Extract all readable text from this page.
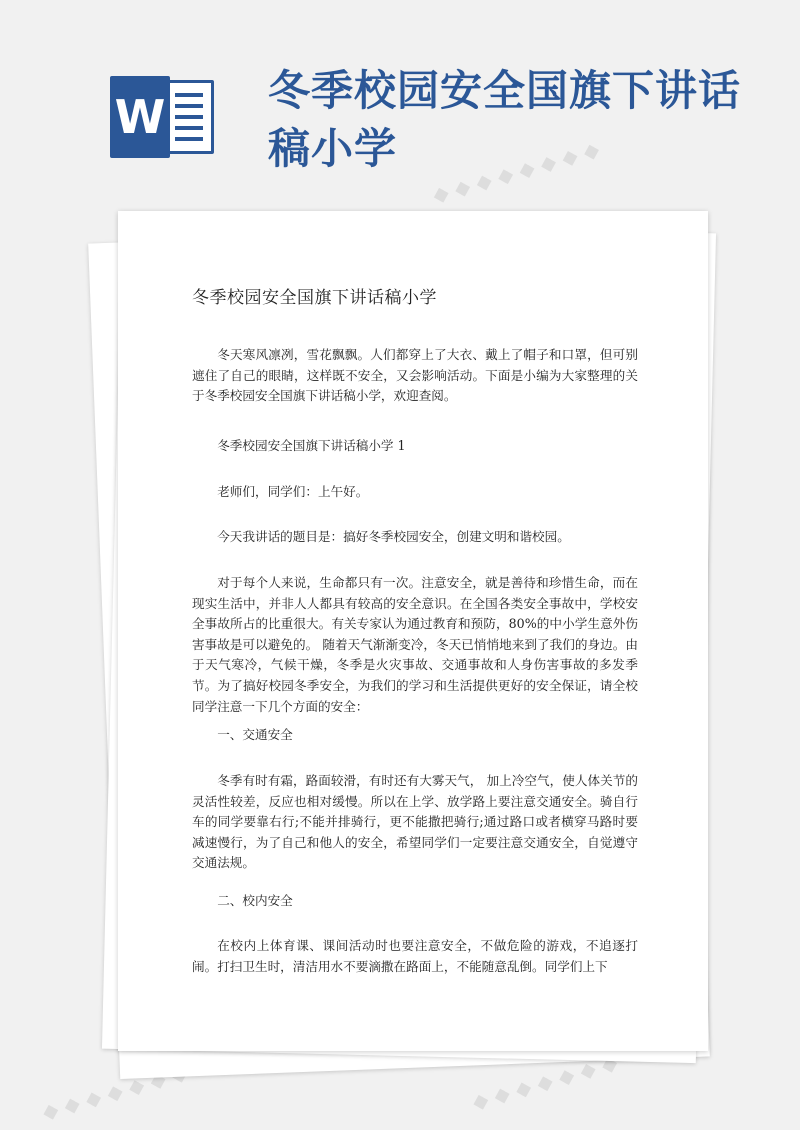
W 冬季校园安全国旗下讲话稿小学	◆ ◆ ◆ ◆ ◆ ◆ ◆ ◆
◆ ◆ ◆ ◆ ◆ ◆ ◆	◆ ◆ ◆ ◆ ◆ ◆ ◆
冬季校园安全国旗下讲话稿小学
冬天寒风凛冽，雪花飘飘。人们都穿上了大衣、戴上了帽子和口罩，但可别遮住了自己的眼睛，这样既不安全，又会影响活动。下面是小编为大家整理的关于冬季校园安全国旗下讲话稿小学，欢迎查阅。
冬季校园安全国旗下讲话稿小学 1
老师们，同学们：上午好。
今天我讲话的题目是：搞好冬季校园安全，创建文明和谐校园。
对于每个人来说，生命都只有一次。注意安全，就是善待和珍惜生命，而在现实生活中，并非人人都具有较高的安全意识。在全国各类安全事故中，学校安全事故所占的比重很大。有关专家认为通过教育和预防，80%的中小学生意外伤害事故是可以避免的。 随着天气渐渐变冷，冬天已悄悄地来到了我们的身边。由于天气寒冷，气候干燥，冬季是火灾事故、交通事故和人身伤害事故的多发季节。为了搞好校园冬季安全，为我们的学习和生活提供更好的安全保证，请全校同学注意一下几个方面的安全：
一、交通安全
冬季有时有霜，路面较滑，有时还有大雾天气， 加上冷空气，使人体关节的灵活性较差，反应也相对缓慢。所以在上学、放学路上要注意交通安全。骑自行车的同学要靠右行;不能并排骑行，更不能撒把骑行;通过路口或者横穿马路时要减速慢行，为了自己和他人的安全，希望同学们一定要注意交通安全，自觉遵守交通法规。
二、校内安全
在校内上体育课、课间活动时也要注意安全，不做危险的游戏，不追逐打闹。打扫卫生时，清洁用水不要滴撒在路面上，不能随意乱倒。同学们上下
